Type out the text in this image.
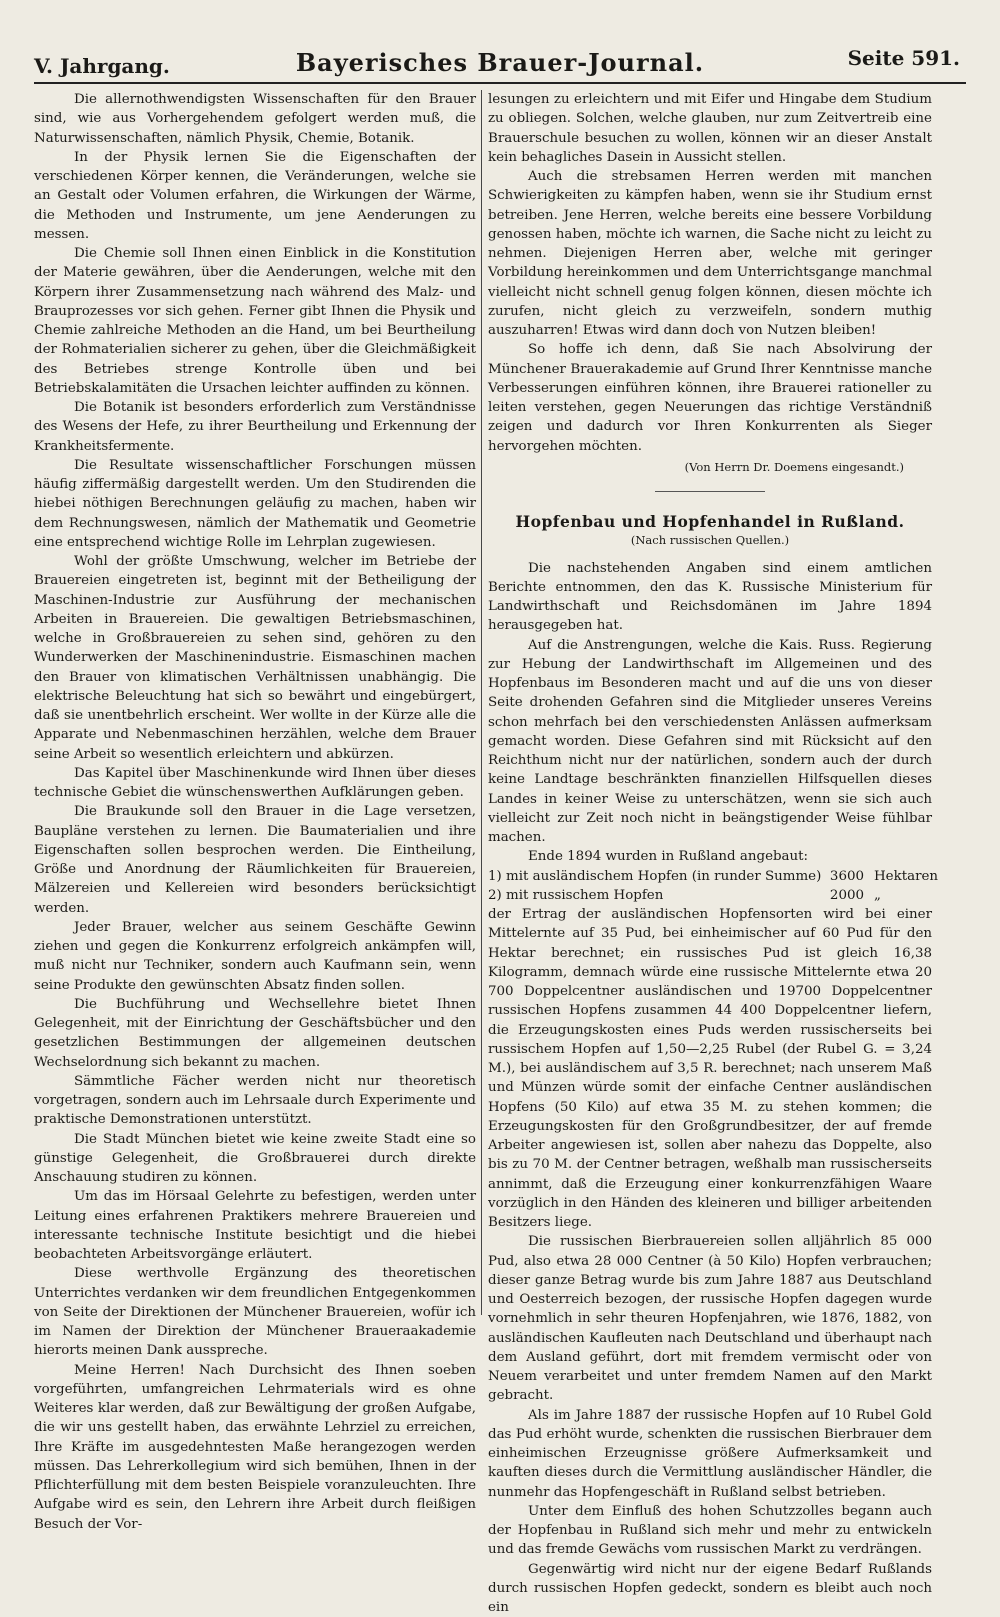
V. Jahrgang.	Bayerisches Brauer-Journal.	Seite 591.

Die allernothwendigsten Wissenschaften für den Brauer sind, wie aus Vorhergehendem gefolgert werden muß, die Naturwissenschaften, nämlich Physik, Chemie, Botanik.

In der Physik lernen Sie die Eigenschaften der verschiedenen Körper kennen, die Veränderungen, welche sie an Gestalt oder Volumen erfahren, die Wirkungen der Wärme, die Methoden und Instrumente, um jene Aenderungen zu messen.

Die Chemie soll Ihnen einen Einblick in die Konstitution der Materie gewähren, über die Aenderungen, welche mit den Körpern ihrer Zusammensetzung nach während des Malz- und Brauprozesses vor sich gehen. Ferner gibt Ihnen die Physik und Chemie zahlreiche Methoden an die Hand, um bei Beurtheilung der Rohmaterialien sicherer zu gehen, über die Gleichmäßigkeit des Betriebes strenge Kontrolle üben und bei Betriebskalamitäten die Ursachen leichter auffinden zu können.

Die Botanik ist besonders erforderlich zum Verständnisse des Wesens der Hefe, zu ihrer Beurtheilung und Erkennung der Krankheitsfermente.

Die Resultate wissenschaftlicher Forschungen müssen häufig ziffermäßig dargestellt werden. Um den Studirenden die hiebei nöthigen Berechnungen geläufig zu machen, haben wir dem Rechnungswesen, nämlich der Mathematik und Geometrie eine entsprechend wichtige Rolle im Lehrplan zugewiesen.

Wohl der größte Umschwung, welcher im Betriebe der Brauereien eingetreten ist, beginnt mit der Betheiligung der Maschinen-Industrie zur Ausführung der mechanischen Arbeiten in Brauereien. Die gewaltigen Betriebsmaschinen, welche in Großbrauereien zu sehen sind, gehören zu den Wunderwerken der Maschinenindustrie. Eismaschinen machen den Brauer von klimatischen Verhältnissen unabhängig. Die elektrische Beleuchtung hat sich so bewährt und eingebürgert, daß sie unentbehrlich erscheint. Wer wollte in der Kürze alle die Apparate und Nebenmaschinen herzählen, welche dem Brauer seine Arbeit so wesentlich erleichtern und abkürzen.

Das Kapitel über Maschinenkunde wird Ihnen über dieses technische Gebiet die wünschenswerthen Aufklärungen geben.

Die Braukunde soll den Brauer in die Lage versetzen, Baupläne verstehen zu lernen. Die Baumaterialien und ihre Eigenschaften sollen besprochen werden. Die Eintheilung, Größe und Anordnung der Räumlichkeiten für Brauereien, Mälzereien und Kellereien wird besonders berücksichtigt werden.

Jeder Brauer, welcher aus seinem Geschäfte Gewinn ziehen und gegen die Konkurrenz erfolgreich ankämpfen will, muß nicht nur Techniker, sondern auch Kaufmann sein, wenn seine Produkte den gewünschten Absatz finden sollen.

Die Buchführung und Wechsellehre bietet Ihnen Gelegenheit, mit der Einrichtung der Geschäftsbücher und den gesetzlichen Bestimmungen der allgemeinen deutschen Wechselordnung sich bekannt zu machen.

Sämmtliche Fächer werden nicht nur theoretisch vorgetragen, sondern auch im Lehrsaale durch Experimente und praktische Demonstrationen unterstützt.

Die Stadt München bietet wie keine zweite Stadt eine so günstige Gelegenheit, die Großbrauerei durch direkte Anschauung studiren zu können.

Um das im Hörsaal Gelehrte zu befestigen, werden unter Leitung eines erfahrenen Praktikers mehrere Brauereien und interessante technische Institute besichtigt und die hiebei beobachteten Arbeitsvorgänge erläutert.

Diese werthvolle Ergänzung des theoretischen Unterrichtes verdanken wir dem freundlichen Entgegenkommen von Seite der Direktionen der Münchener Brauereien, wofür ich im Namen der Direktion der Münchener Braueraakademie hierorts meinen Dank ausspreche.

Meine Herren! Nach Durchsicht des Ihnen soeben vorgeführten, umfangreichen Lehrmaterials wird es ohne Weiteres klar werden, daß zur Bewältigung der großen Aufgabe, die wir uns gestellt haben, das erwähnte Lehrziel zu erreichen, Ihre Kräfte im ausgedehntesten Maße herangezogen werden müssen. Das Lehrerkollegium wird sich bemühen, Ihnen in der Pflichterfüllung mit dem besten Beispiele voranzuleuchten. Ihre Aufgabe wird es sein, den Lehrern ihre Arbeit durch fleißigen Besuch der Vor-

lesungen zu erleichtern und mit Eifer und Hingabe dem Studium zu obliegen. Solchen, welche glauben, nur zum Zeitvertreib eine Brauerschule besuchen zu wollen, können wir an dieser Anstalt kein behagliches Dasein in Aussicht stellen.

Auch die strebsamen Herren werden mit manchen Schwierigkeiten zu kämpfen haben, wenn sie ihr Studium ernst betreiben. Jene Herren, welche bereits eine bessere Vorbildung genossen haben, möchte ich warnen, die Sache nicht zu leicht zu nehmen. Diejenigen Herren aber, welche mit geringer Vorbildung hereinkommen und dem Unterrichtsgange manchmal vielleicht nicht schnell genug folgen können, diesen möchte ich zurufen, nicht gleich zu verzweifeln, sondern muthig auszuharren! Etwas wird dann doch von Nutzen bleiben!

So hoffe ich denn, daß Sie nach Absolvirung der Münchener Brauerakademie auf Grund Ihrer Kenntnisse manche Verbesserungen einführen können, ihre Brauerei rationeller zu leiten verstehen, gegen Neuerungen das richtige Verständniß zeigen und dadurch vor Ihren Konkurrenten als Sieger hervorgehen möchten.

(Von Herrn Dr. Doemens eingesandt.)
Hopfenbau und Hopfenhandel in Rußland.
(Nach russischen Quellen.)

Die nachstehenden Angaben sind einem amtlichen Berichte entnommen, den das K. Russische Ministerium für Landwirthschaft und Reichsdomänen im Jahre 1894 herausgegeben hat.

Auf die Anstrengungen, welche die Kais. Russ. Regierung zur Hebung der Landwirthschaft im Allgemeinen und des Hopfenbaus im Besonderen macht und auf die uns von dieser Seite drohenden Gefahren sind die Mitglieder unseres Vereins schon mehrfach bei den verschiedensten Anlässen aufmerksam gemacht worden. Diese Gefahren sind mit Rücksicht auf den Reichthum nicht nur der natürlichen, sondern auch der durch keine Landtage beschränkten finanziellen Hilfsquellen dieses Landes in keiner Weise zu unterschätzen, wenn sie sich auch vielleicht zur Zeit noch nicht in beängstigender Weise fühlbar machen.

Ende 1894 wurden in Rußland angebaut:

1) mit ausländischem Hopfen (in runder Summe) 3600 Hektaren
2) mit russischem Hopfen	2000 „

der Ertrag der ausländischen Hopfensorten wird bei einer Mittelernte auf 35 Pud, bei einheimischer auf 60 Pud für den Hektar berechnet; ein russisches Pud ist gleich 16,38 Kilogramm, demnach würde eine russische Mittelernte etwa 20 700 Doppelcentner ausländischen und 19700 Doppelcentner russischen Hopfens zusammen 44 400 Doppelcentner liefern, die Erzeugungskosten eines Puds werden russischerseits bei russischem Hopfen auf 1,50—2,25 Rubel (der Rubel G. = 3,24 M.), bei ausländischem auf 3,5 R. berechnet; nach unserem Maß und Münzen würde somit der einfache Centner ausländischen Hopfens (50 Kilo) auf etwa 35 M. zu stehen kommen; die Erzeugungskosten für den Großgrundbesitzer, der auf fremde Arbeiter angewiesen ist, sollen aber nahezu das Doppelte, also bis zu 70 M. der Centner betragen, weßhalb man russischerseits annimmt, daß die Erzeugung einer konkurrenzfähigen Waare vorzüglich in den Händen des kleineren und billiger arbeitenden Besitzers liege.

Die russischen Bierbrauereien sollen alljährlich 85 000 Pud, also etwa 28 000 Centner (à 50 Kilo) Hopfen verbrauchen; dieser ganze Betrag wurde bis zum Jahre 1887 aus Deutschland und Oesterreich bezogen, der russische Hopfen dagegen wurde vornehmlich in sehr theuren Hopfenjahren, wie 1876, 1882, von ausländischen Kaufleuten nach Deutschland und überhaupt nach dem Ausland geführt, dort mit fremdem vermischt oder von Neuem verarbeitet und unter fremdem Namen auf den Markt gebracht.

Als im Jahre 1887 der russische Hopfen auf 10 Rubel Gold das Pud erhöht wurde, schenkten die russischen Bierbrauer dem einheimischen Erzeugnisse größere Aufmerksamkeit und kauften dieses durch die Vermittlung ausländischer Händler, die nunmehr das Hopfengeschäft in Rußland selbst betrieben.

Unter dem Einfluß des hohen Schutzzolles begann auch der Hopfenbau in Rußland sich mehr und mehr zu entwickeln und das fremde Gewächs vom russischen Markt zu verdrängen.

Gegenwärtig wird nicht nur der eigene Bedarf Rußlands durch russischen Hopfen gedeckt, sondern es bleibt auch noch ein
